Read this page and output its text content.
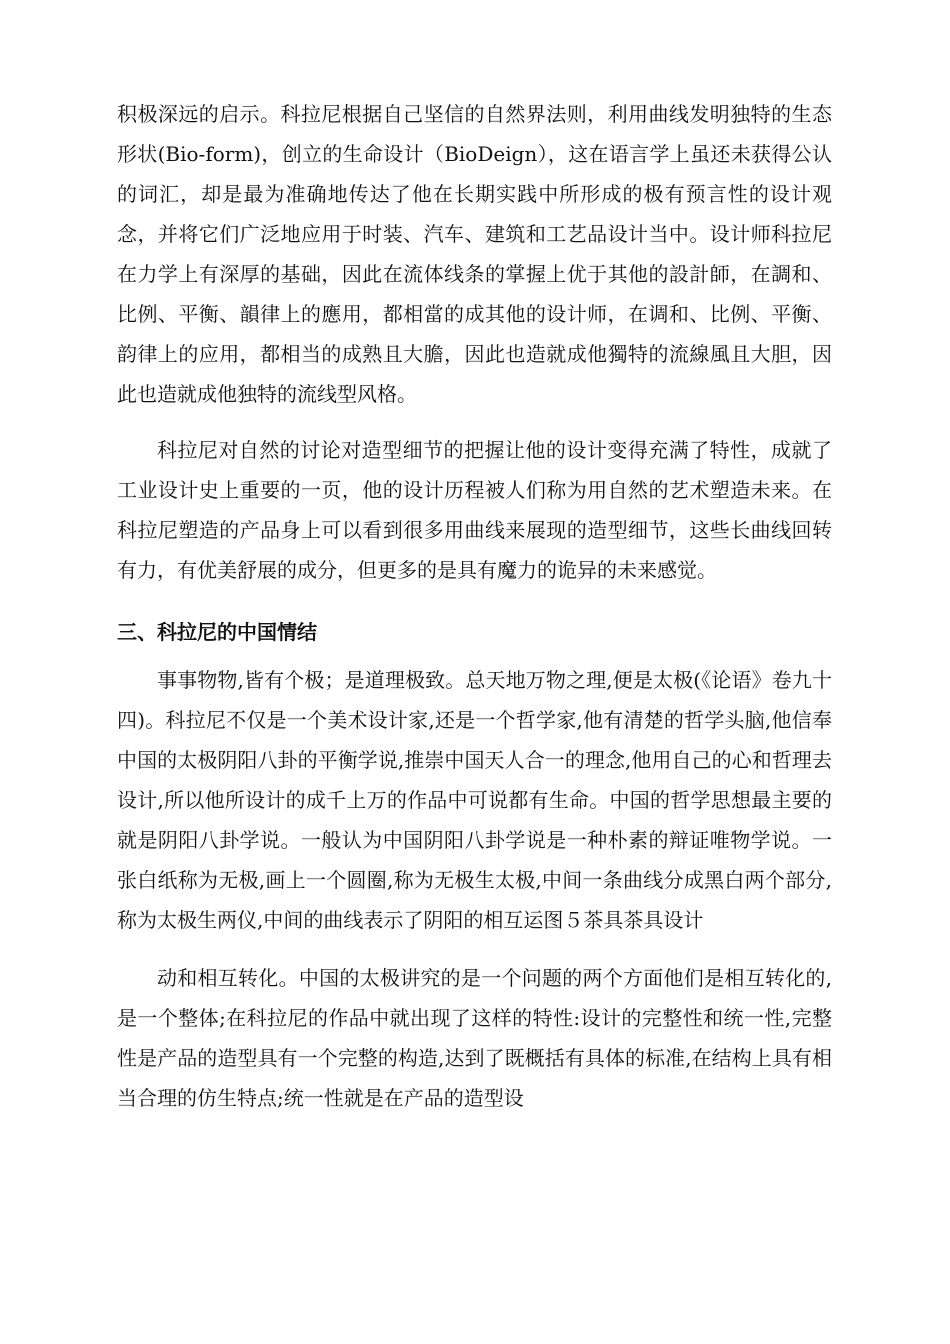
积极深远的启示。科拉尼根据自己坚信的自然界法则，利用曲线发明独特的生态形状(Bio-form)，创立的生命设计（BioDeign），这在语言学上虽还未获得公认的词汇，却是最为准确地传达了他在长期实践中所形成的极有预言性的设计观念，并将它们广泛地应用于时装、汽车、建筑和工艺品设计当中。设计师科拉尼在力学上有深厚的基础，因此在流体线条的掌握上优于其他的設計師，在調和、比例、平衡、韻律上的應用，都相當的成其他的设计师，在调和、比例、平衡、韵律上的应用，都相当的成熟且大膽，因此也造就成他獨特的流線風且大胆，因此也造就成他独特的流线型风格。

科拉尼对自然的讨论对造型细节的把握让他的设计变得充满了特性，成就了工业设计史上重要的一页，他的设计历程被人们称为用自然的艺术塑造未来。在科拉尼塑造的产品身上可以看到很多用曲线来展现的造型细节，这些长曲线回转有力，有优美舒展的成分，但更多的是具有魔力的诡异的未来感觉。

三、科拉尼的中国情结

事事物物,皆有个极；是道理极致。总天地万物之理,便是太极(《论语》卷九十四)。科拉尼不仅是一个美术设计家,还是一个哲学家,他有清楚的哲学头脑,他信奉中国的太极阴阳八卦的平衡学说,推崇中国天人合一的理念,他用自己的心和哲理去设计,所以他所设计的成千上万的作品中可说都有生命。中国的哲学思想最主要的就是阴阳八卦学说。一般认为中国阴阳八卦学说是一种朴素的辩证唯物学说。一张白纸称为无极,画上一个圆圈,称为无极生太极,中间一条曲线分成黑白两个部分,称为太极生两仪,中间的曲线表示了阴阳的相互运图５茶具茶具设计

动和相互转化。中国的太极讲究的是一个问题的两个方面他们是相互转化的,是一个整体;在科拉尼的作品中就出现了这样的特性:设计的完整性和统一性,完整性是产品的造型具有一个完整的构造,达到了既概括有具体的标准,在结构上具有相当合理的仿生特点;统一性就是在产品的造型设
